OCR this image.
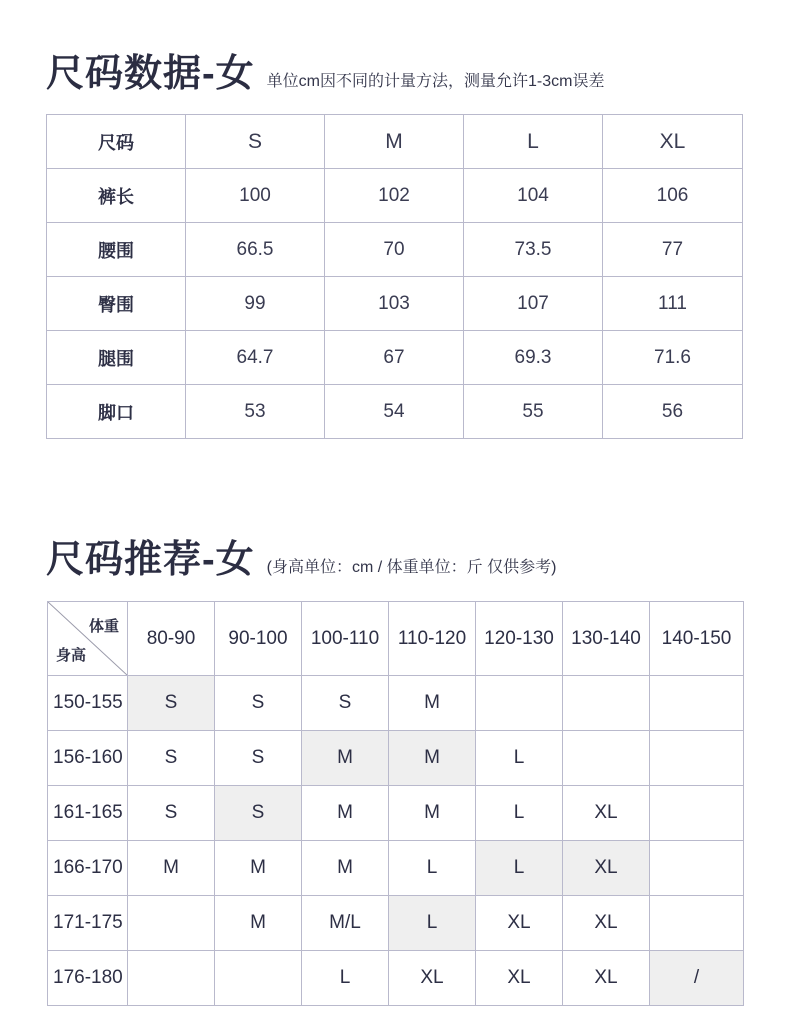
尺码数据-女 单位cm因不同的计量方法，测量允许1-3cm误差
尺码	S	M	L	XL
裤长	100	102	104	106
腰围	66.5	70	73.5	77
臀围	99	103	107	111
腿围	64.7	67	69.3	71.6
脚口	53	54	55	56
尺码推荐-女 (身高单位：cm / 体重单位：斤 仅供参考)
体重
身高	80-90	90-100	100-110	110-120	120-130	130-140	140-150
150-155	S	S	S	M			
156-160	S	S	M	M	L		
161-165	S	S	M	M	L	XL	
166-170	M	M	M	L	L	XL	
171-175		M	M/L	L	XL	XL	
176-180			L	XL	XL	XL	/
